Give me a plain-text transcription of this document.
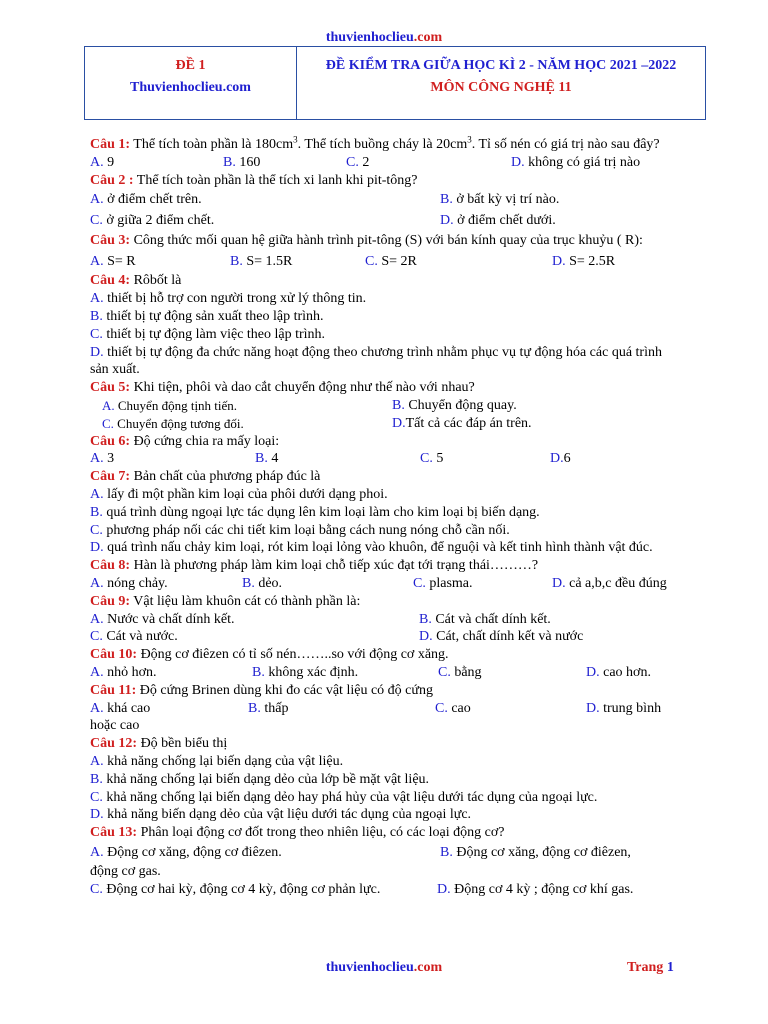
thuvienhoclieu.com
ĐỀ 1
Thuvienhoclieu.com
ĐỀ KIỂM TRA GIỮA HỌC KÌ 2 - NĂM HỌC 2021 –2022
MÔN CÔNG NGHỆ 11
Câu 1: Thể tích toàn phần là $180cm^3$. Thể tích buồng cháy là $20cm^3$. Tỉ số nén có giá trị nào sau đây?
A. 9	B. 160	C. 2	D. không có giá trị nào
Câu 2 : Thể tích toàn phần là thể tích xi lanh khi pit-tông?
A. ở điểm chết trên.	B. ở bất kỳ vị trí nào.
C. ở giữa 2 điểm chết.	D. ở điểm chết dưới.
Câu 3: Công thức mối quan hệ giữa hành trình pit-tông (S) với bán kính quay của trục khuỷu ( R):
A. S= R	B. S= 1.5R	C. S= 2R	D. S= 2.5R
Câu 4: Rôbốt là
A. thiết bị hỗ trợ con người trong xử lý thông tin.
B. thiết bị tự động sản xuất theo lập trình.
C. thiết bị tự động làm việc theo lập trình.
D. thiết bị tự động đa chức năng hoạt động theo chương trình nhằm phục vụ tự động hóa các quá trình sản xuất.
Câu 5: Khi tiện, phôi và dao cắt chuyển động như thế nào với nhau?
A. Chuyển động tịnh tiến.	B. Chuyển động quay.
C. Chuyển động tương đối.	D.Tất cả các đáp án trên.
Câu 6: Độ cứng chia ra mấy loại:
A. 3	B. 4	C. 5	D.6
Câu 7: Bản chất của phương pháp đúc là
A. lấy đi một phần kim loại của phôi dưới dạng phoi.
B. quá trình dùng ngoại lực tác dụng lên kim loại làm cho kim loại bị biến dạng.
C. phương pháp nối các chi tiết kim loại bằng cách nung nóng chỗ cần nối.
D. quá trình nấu chảy kim loại, rót kim loại lỏng vào khuôn, để nguội và kết tinh hình thành vật đúc.
Câu 8: Hàn là phương pháp làm kim loại chỗ tiếp xúc đạt tới trạng thái………?
A. nóng chảy.	B. dẻo.	C. plasma.	D. cả a,b,c đều đúng
Câu 9: Vật liệu làm khuôn cát có thành phần là:
A. Nước và chất dính kết.	B. Cát và chất dính kết.
C. Cát và nước.	D. Cát, chất dính kết và nước
Câu 10: Động cơ điêzen có tỉ số nén……..so với động cơ xăng.
A. nhỏ hơn.	B. không xác định.	C. bằng	D. cao hơn.
Câu 11: Độ cứng Brinen dùng khi đo các vật liệu có độ cứng
A. khá cao	B. thấp	C. cao	D. trung bình
hoặc cao
Câu 12: Độ bền biểu thị
A. khả năng chống lại biến dạng của vật liệu.
B. khả năng chống lại biến dạng dẻo của lớp bề mặt vật liệu.
C. khả năng chống lại biến dạng dẻo hay phá hủy của vật liệu dưới tác dụng của ngoại lực.
D. khả năng biến dạng dẻo của vật liệu dưới tác dụng của ngoại lực.
Câu 13: Phân loại động cơ đốt trong theo nhiên liệu, có các loại động cơ?
A. Động cơ xăng, động cơ điêzen.	B. Động cơ xăng, động cơ điêzen,
động cơ gas.
C. Động cơ hai kỳ, động cơ 4 kỳ, động cơ phản lực.	D. Động cơ 4 kỳ ; động cơ khí gas.
thuvienhoclieu.com	Trang 1
